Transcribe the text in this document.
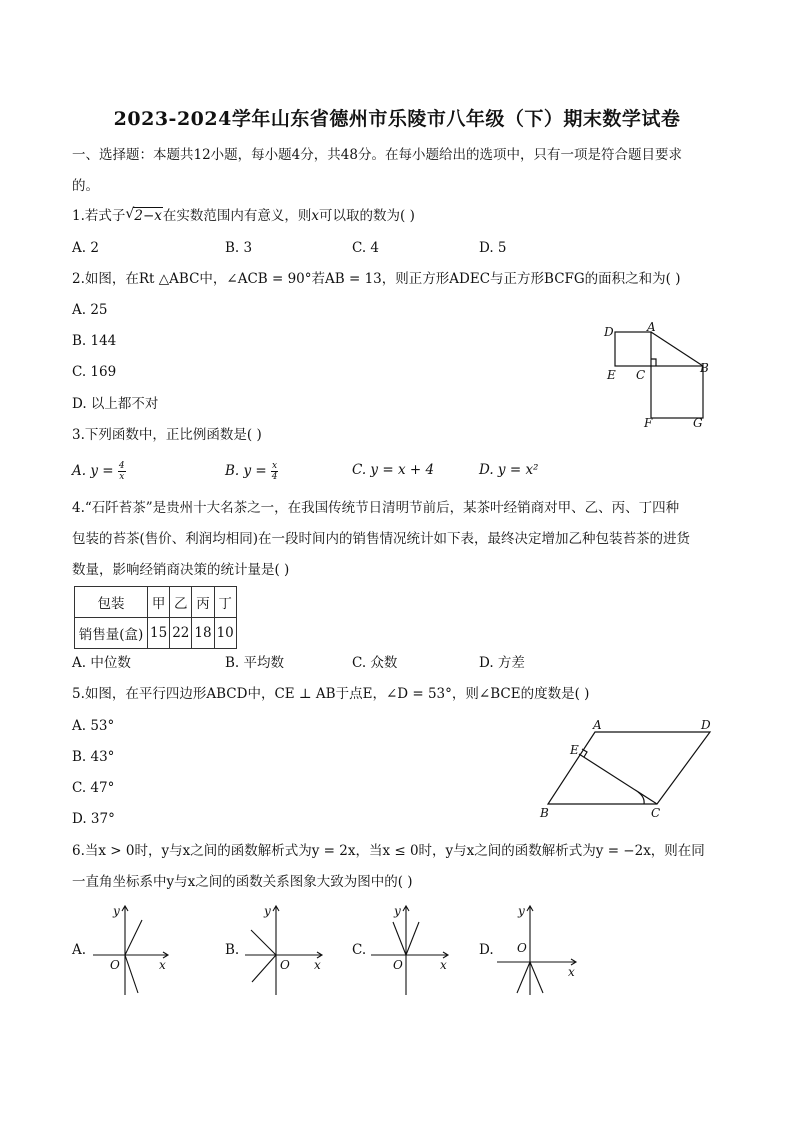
2023-2024学年山东省德州市乐陵市八年级（下）期末数学试卷
一、选择题：本题共12小题，每小题4分，共48分。在每小题给出的选项中，只有一项是符合题目要求
的。
1.若式子 √ 2−x在实数范围内有意义，则x可以取的数为( )
A. 2	B. 3	C. 4	D. 5
2.如图，在Rt △ABC中，∠ACB = 90°若AB = 13，则正方形ADEC与正方形BCFG的面积之和为( )
A. 25
B. 144
C. 169
D. 以上都不对
D	A
E C	B
F	G
3.下列函数中，正比例函数是( )
A. $y = \frac{4}{x}$	B. $y = \frac{x}{4}$	C. y = x + 4	D. y = x²
4.“石阡苔茶”是贵州十大名茶之一，在我国传统节日清明节前后，某茶叶经销商对甲、乙、丙、丁四种
包装的苔茶(售价、利润均相同)在一段时间内的销售情况统计如下表，最终决定增加乙种包装苔茶的进货
数量，影响经销商决策的统计量是( )
包装	甲	乙	丙	丁
销售量(盒)	15	22	18	10
A. 中位数	B. 平均数	C. 众数	D. 方差
5.如图，在平行四边形ABCD中，CE ⊥ AB于点E，∠D = 53°，则∠BCE的度数是( )
A. 53°
B. 43°
C. 47°
D. 37°
A	D
E
B	C
6.当x > 0时，y与x之间的函数解析式为y = 2x，当x ≤ 0时，y与x之间的函数解析式为y = −2x，则在同
一直角坐标系中y与x之间的函数关系图象大致为图中的( )
A.
y
x
O
B.
y
x
O
C.
y
x
O
D.
y
x
O
